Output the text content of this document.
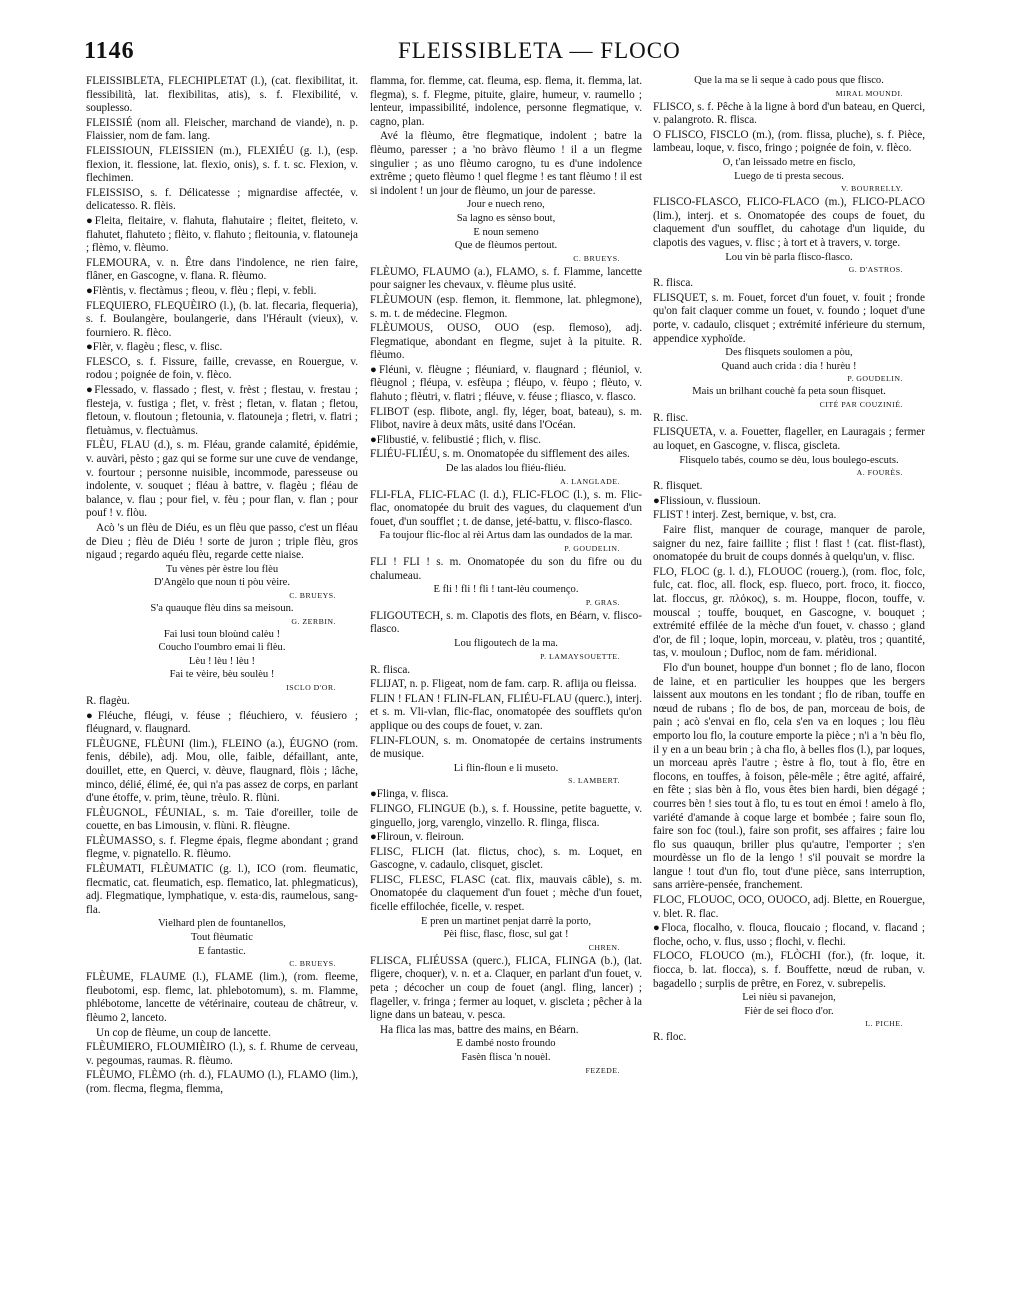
1146	FLEISSIBLETA — FLOCO

FLEISSIBLETA, FLECHIPLETAT (l.), (cat. flexibilitat, it. flessibilità, lat. flexibilitas, atis), s. f. Flexibilité, v. souplesso.

FLEISSIÉ (nom all. Fleischer, marchand de viande), n. p. Flaissier, nom de fam. lang.

FLEISSIOUN, FLEISSIEN (m.), FLEXIÉU (g. l.), (esp. flexion, it. flessione, lat. flexio, onis), s. f. t. sc. Flexion, v. flechimen.

FLEISSISO, s. f. Délicatesse ; mignardise affectée, v. delicatesso. R. flèis.

●Fleita, fleitaire, v. flahuta, flahutaire ; fleitet, fleiteto, v. flahutet, flahuteto ; flèito, v. flahuto ; fleitounia, v. flatouneja ; flèmo, v. flèumo.

FLEMOURA, v. n. Être dans l'indolence, ne rien faire, flâner, en Gascogne, v. flana. R. flèumo.

●Flèntis, v. flectàmus ; fleou, v. flèu ; flepi, v. febli.

FLEQUIERO, FLEQUÈIRO (l.), (b. lat. flecaria, flequeria), s. f. Boulangère, boulangerie, dans l'Hérault (vieux), v. fourniero. R. flèco.

●Flèr, v. flagèu ; flesc, v. flisc.

FLESCO, s. f. Fissure, faille, crevasse, en Rouergue, v. rodou ; poignée de foin, v. flèco.

●Flessado, v. flassado ; flest, v. frèst ; flestau, v. frestau ; flesteja, v. fustiga ; flet, v. frèst ; fletan, v. flatan ; fletou, fletoun, v. floutoun ; fletounia, v. flatouneja ; fletri, v. flatri ; fletuàmus, v. flectuàmus.

FLÈU, FLAU (d.), s. m. Fléau, grande calamité, épidémie, v. auvàri, pèsto ; gaz qui se forme sur une cuve de vendange, v. fourtour ; personne nuisible, incommode, paresseuse ou indolente, v. souquet ; fléau à battre, v. flagèu ; fléau de balance, v. flau ; pour fiel, v. fèu ; pour flan, v. flan ; pour pouf ! v. flòu.

Acò 's un flèu de Diéu, es un flèu que passo, c'est un fléau de Dieu ; flèu de Diéu ! sorte de juron ; triple flèu, gros nigaud ; regardo aquéu flèu, regarde cette niaise.

Tu vènes pèr èstre lou flèu

D'Angèlo que noun ti pòu vèire.

C. BRUEYS.

S'a quauque flèu dins sa meisoun.

G. ZERBIN.

Fai lusi toun bloùnd calèu !

Coucho l'oumbro emai li flèu.

Lèu ! lèu ! lèu !

Fai te vèire, bèu soulèu !

ISCLO D'OR.

R. flagèu.

●Fléuche, fléugi, v. féuse ; fléuchiero, v. féusiero ; fléugnard, v. flaugnard.

FLÈUGNE, FLÈUNI (lim.), FLEINO (a.), ÉUGNO (rom. fenis, débile), adj. Mou, olle, faible, défaillant, ante, douillet, ette, en Querci, v. dèuve, flaugnard, flòis ; lâche, minco, délié, élimé, ée, qui n'a pas assez de corps, en parlant d'une étoffe, v. prim, tèune, trèulo. R. flùni.

FLÈUGNOL, FÉUNIAL, s. m. Taie d'oreiller, toile de couette, en bas Limousin, v. flùni. R. flèugne.

FLÈUMASSO, s. f. Flegme épais, flegme abondant ; grand flegme, v. pignatello. R. flèumo.

FLÈUMATI, FLÈUMATIC (g. l.), ICO (rom. fleumatic, flecmatic, cat. fleumatich, esp. flematico, lat. phlegmaticus), adj. Flegmatique, lymphatique, v. esta·dis, raumelous, sang-fla.

Vielhard plen de fountanellos,

Tout flèumatic

E fantastic.

C. BRUEYS.

FLÈUME, FLAUME (l.), FLAME (lim.), (rom. fleeme, fleubotomi, esp. flemc, lat. phlebotomum), s. m. Flamme, phlébotome, lancette de vétérinaire, couteau de châtreur, v. flèumo 2, lanceto.

Un cop de flèume, un coup de lancette.

FLÈUMIERO, FLOUMIÈIRO (l.), s. f. Rhume de cerveau, v. pegoumas, raumas. R. flèumo.

FLÈUMO, FLÈMO (rh. d.), FLAUMO (l.), FLAMO (lim.), (rom. flecma, flegma, flemma,

flamma, for. flemme, cat. fleuma, esp. flema, it. flemma, lat. flegma), s. f. Flegme, pituite, glaire, humeur, v. raumello ; lenteur, impassibilité, indolence, personne flegmatique, v. cagno, plan.

Avé la flèumo, être flegmatique, indolent ; batre la flèumo, paresser ; a 'no bràvo flèumo ! il a un flegme singulier ; as uno flèumo carogno, tu es d'une indolence extrême ; queto flèumo ! quel flegme ! es tant flèumo ! il est si indolent ! un jour de flèumo, un jour de paresse.

Jour e nuech reno,

Sa lagno es sènso bout,

E noun semeno

Que de flèumos pertout.

C. BRUEYS.

FLÈUMO, FLAUMO (a.), FLAMO, s. f. Flamme, lancette pour saigner les chevaux, v. flèume plus usité.

FLÈUMOUN (esp. flemon, it. flemmone, lat. phlegmone), s. m. t. de médecine. Flegmon.

FLÈUMOUS, OUSO, OUO (esp. flemoso), adj. Flegmatique, abondant en flegme, sujet à la pituite. R. flèumo.

●Fléuni, v. flèugne ; fléuniard, v. flaugnard ; fléuniol, v. flèugnol ; fléupa, v. esfèupa ; fléupo, v. fèupo ; flèuto, v. flahuto ; flèutri, v. flatri ; fléuve, v. féuse ; fliasco, v. flasco.

FLIBOT (esp. flibote, angl. fly, léger, boat, bateau), s. m. Flibot, navire à deux mâts, usité dans l'Océan.

●Flibustié, v. felibustié ; flich, v. flisc.

FLIÉU-FLIÉU, s. m. Onomatopée du sifflement des ailes.

De las alados lou fliéu-fliéu.

A. LANGLADE.

FLI-FLA, FLIC-FLAC (l. d.), FLIC-FLOC (l.), s. m. Flic-flac, onomatopée du bruit des vagues, du claquement d'un fouet, d'un soufflet ; t. de danse, jeté-battu, v. flisco-flasco.

Fa toujour flic-floc al rèi Artus dam las oundados de la mar.

P. GOUDELIN.

FLI ! FLI ! s. m. Onomatopée du son du fifre ou du chalumeau.

E fli ! fli ! fli ! tant-lèu coumenço.

P. GRAS.

FLIGOUTECH, s. m. Clapotis des flots, en Béarn, v. flisco-flasco.

Lou fligoutech de la ma.

P. LAMAYSOUETTE.

R. flisca.

FLIJAT, n. p. Fligeat, nom de fam. carp. R. aflija ou fleissa.

FLIN ! FLAN ! FLIN-FLAN, FLIÉU-FLAU (querc.), interj. et s. m. Vli-vlan, flic-flac, onomatopée des soufflets qu'on applique ou des coups de fouet, v. zan.

FLIN-FLOUN, s. m. Onomatopée de certains instruments de musique.

Li flin-floun e li museto.

S. LAMBERT.

●Flinga, v. flisca.

FLINGO, FLINGUE (b.), s. f. Houssine, petite baguette, v. ginguello, jorg, varenglo, vinzello. R. flinga, flisca.

●Fliroun, v. fleiroun.

FLISC, FLICH (lat. flictus, choc), s. m. Loquet, en Gascogne, v. cadaulo, clisquet, gisclet.

FLISC, FLESC, FLASC (cat. flix, mauvais câble), s. m. Onomatopée du claquement d'un fouet ; mèche d'un fouet, ficelle effilochée, ficelle, v. respet.

E pren un martinet penjat darrè la porto,

Pèi flisc, flasc, flosc, sul gat !

CHREN.

FLISCA, FLIÉUSSA (querc.), FLICA, FLINGA (b.), (lat. fligere, choquer), v. n. et a. Claquer, en parlant d'un fouet, v. peta ; décocher un coup de fouet (angl. fling, lancer) ; flageller, v. fringa ; fermer au loquet, v. giscleta ; pêcher à la ligne dans un bateau, v. pesca.

Ha flica las mas, battre des mains, en Béarn.

E dambé nosto froundo

Fasèn flisca 'n nouèl.

FEZEDE.

Que la ma se li seque à cado pous que flisco.

MIRAL MOUNDI.

FLISCO, s. f. Pêche à la ligne à bord d'un bateau, en Querci, v. palangroto. R. flisca.

O FLISCO, FISCLO (m.), (rom. flissa, pluche), s. f. Pièce, lambeau, loque, v. fisco, fringo ; poignée de foin, v. flèco.

O, t'an leissado metre en fisclo,

Luego de ti presta secous.

V. BOURRELLY.

FLISCO-FLASCO, FLICO-FLACO (m.), FLICO-PLACO (lim.), interj. et s. Onomatopée des coups de fouet, du claquement d'un soufflet, du cahotage d'un liquide, du clapotis des vagues, v. flisc ; à tort et à travers, v. torge.

Lou vin bè parla flisco-flasco.

G. D'ASTROS.

R. flisca.

FLISQUET, s. m. Fouet, forcet d'un fouet, v. fouit ; fronde qu'on fait claquer comme un fouet, v. foundo ; loquet d'une porte, v. cadaulo, clisquet ; extrémité inférieure du sternum, appendice xyphoïde.

Des flisquets soulomen a pòu,

Quand auch crida : dia ! hurèu !

P. GOUDELIN.

Mais un brilhant couchè fa peta soun flisquet.

CITÉ PAR COUZINIÉ.

R. flisc.

FLISQUETA, v. a. Fouetter, flageller, en Lauragais ; fermer au loquet, en Gascogne, v. flisca, giscleta.

Flisquelo tabés, coumo se dèu, lous boulego-escuts.

A. FOURÈS.

R. flisquet.

●Flissioun, v. flussioun.

FLIST ! interj. Zest, bernique, v. bst, cra.

Faire flist, manquer de courage, manquer de parole, saigner du nez, faire faillite ; flist ! flast ! (cat. flist-flast), onomatopée du bruit de coups donnés à quelqu'un, v. flisc.

FLO, FLOC (g. l. d.), FLOUOC (rouerg.), (rom. floc, folc, fulc, cat. floc, all. flock, esp. flueco, port. froco, it. fiocco, lat. floccus, gr. πλόκος), s. m. Houppe, flocon, touffe, v. mouscal ; touffe, bouquet, en Gascogne, v. bouquet ; extrémité effilée de la mèche d'un fouet, v. chasso ; gland d'or, de fil ; loque, lopin, morceau, v. platèu, tros ; quantité, tas, v. mouloun ; Dufloc, nom de fam. méridional.

Flo d'un bounet, houppe d'un bonnet ; flo de lano, flocon de laine, et en particulier les houppes que les bergers laissent aux moutons en les tondant ; flo de riban, touffe en nœud de rubans ; flo de bos, de pan, morceau de bois, de pain ; acò s'envai en flo, cela s'en va en loques ; lou flèu emporto lou flo, la couture emporte la pièce ; n'i a 'n bèu flo, il y en a un beau brin ; à cha flo, à belles flos (l.), par loques, un morceau après l'autre ; èstre à flo, tout à flo, être en flocons, en touffes, à foison, pêle-mêle ; être agité, affairé, en fête ; sias bèn à flo, vous êtes bien hardi, bien dégagé ; courres bèn ! sies tout à flo, tu es tout en émoi ! amelo à flo, variété d'amande à coque large et bombée ; faire soun flo, faire son foc (toul.), faire son profit, ses affaires ; faire lou flo sus quauqun, briller plus qu'autre, l'emporter ; s'en mourdèsse un flo de la lengo ! s'il pouvait se mordre la langue ! tout d'un flo, tout d'une pièce, sans interruption, sans arrière-pensée, franchement.

FLOC, FLOUOC, OCO, OUOCO, adj. Blette, en Rouergue, v. blet. R. flac.

●Floca, flocalho, v. flouca, floucaio ; flocand, v. flacand ; floche, ocho, v. flus, usso ; flochi, v. flechi.

FLOCO, FLOUCO (m.), FLÒCHI (for.), (fr. loque, it. fiocca, b. lat. flocca), s. f. Bouffette, nœud de ruban, v. bagadello ; surplis de prêtre, en Forez, v. subrepelis.

Lei nièu si pavanejon,

Fièr de sei floco d'or.

L. PICHE.

R. floc.
